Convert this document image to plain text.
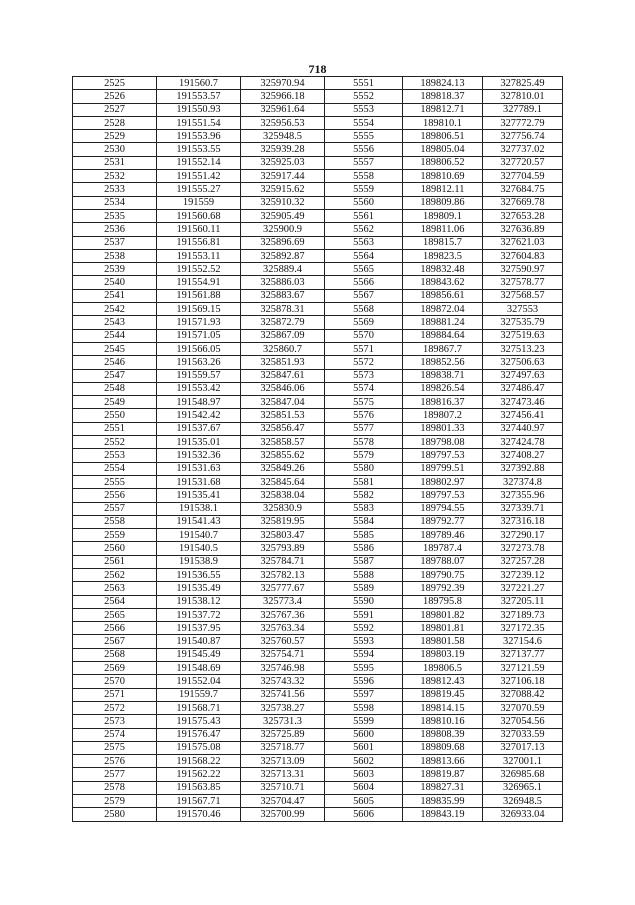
718
2525	191560.7	325970.94	5551	189824.13	327825.49
2526	191553.57	325966.18	5552	189818.37	327810.01
2527	191550.93	325961.64	5553	189812.71	327789.1
2528	191551.54	325956.53	5554	189810.1	327772.79
2529	191553.96	325948.5	5555	189806.51	327756.74
2530	191553.55	325939.28	5556	189805.04	327737.02
2531	191552.14	325925.03	5557	189806.52	327720.57
2532	191551.42	325917.44	5558	189810.69	327704.59
2533	191555.27	325915.62	5559	189812.11	327684.75
2534	191559	325910.32	5560	189809.86	327669.78
2535	191560.68	325905.49	5561	189809.1	327653.28
2536	191560.11	325900.9	5562	189811.06	327636.89
2537	191556.81	325896.69	5563	189815.7	327621.03
2538	191553.11	325892.87	5564	189823.5	327604.83
2539	191552.52	325889.4	5565	189832.48	327590.97
2540	191554.91	325886.03	5566	189843.62	327578.77
2541	191561.88	325883.67	5567	189856.61	327568.57
2542	191569.15	325878.31	5568	189872.04	327553
2543	191571.93	325872.79	5569	189881.24	327535.79
2544	191571.05	325867.09	5570	189884.64	327519.63
2545	191566.05	325860.7	5571	189867.7	327513.23
2546	191563.26	325851.93	5572	189852.56	327506.63
2547	191559.57	325847.61	5573	189838.71	327497.63
2548	191553.42	325846.06	5574	189826.54	327486.47
2549	191548.97	325847.04	5575	189816.37	327473.46
2550	191542.42	325851.53	5576	189807.2	327456.41
2551	191537.67	325856.47	5577	189801.33	327440.97
2552	191535.01	325858.57	5578	189798.08	327424.78
2553	191532.36	325855.62	5579	189797.53	327408.27
2554	191531.63	325849.26	5580	189799.51	327392.88
2555	191531.68	325845.64	5581	189802.97	327374.8
2556	191535.41	325838.04	5582	189797.53	327355.96
2557	191538.1	325830.9	5583	189794.55	327339.71
2558	191541.43	325819.95	5584	189792.77	327316.18
2559	191540.7	325803.47	5585	189789.46	327290.17
2560	191540.5	325793.89	5586	189787.4	327273.78
2561	191538.9	325784.71	5587	189788.07	327257.28
2562	191536.55	325782.13	5588	189790.75	327239.12
2563	191535.49	325777.67	5589	189792.39	327221.27
2564	191538.12	325773.4	5590	189795.8	327205.11
2565	191537.72	325767.36	5591	189801.82	327189.73
2566	191537.95	325763.34	5592	189801.81	327172.35
2567	191540.87	325760.57	5593	189801.58	327154.6
2568	191545.49	325754.71	5594	189803.19	327137.77
2569	191548.69	325746.98	5595	189806.5	327121.59
2570	191552.04	325743.32	5596	189812.43	327106.18
2571	191559.7	325741.56	5597	189819.45	327088.42
2572	191568.71	325738.27	5598	189814.15	327070.59
2573	191575.43	325731.3	5599	189810.16	327054.56
2574	191576.47	325725.89	5600	189808.39	327033.59
2575	191575.08	325718.77	5601	189809.68	327017.13
2576	191568.22	325713.09	5602	189813.66	327001.1
2577	191562.22	325713.31	5603	189819.87	326985.68
2578	191563.85	325710.71	5604	189827.31	326965.1
2579	191567.71	325704.47	5605	189835.99	326948.5
2580	191570.46	325700.99	5606	189843.19	326933.04
